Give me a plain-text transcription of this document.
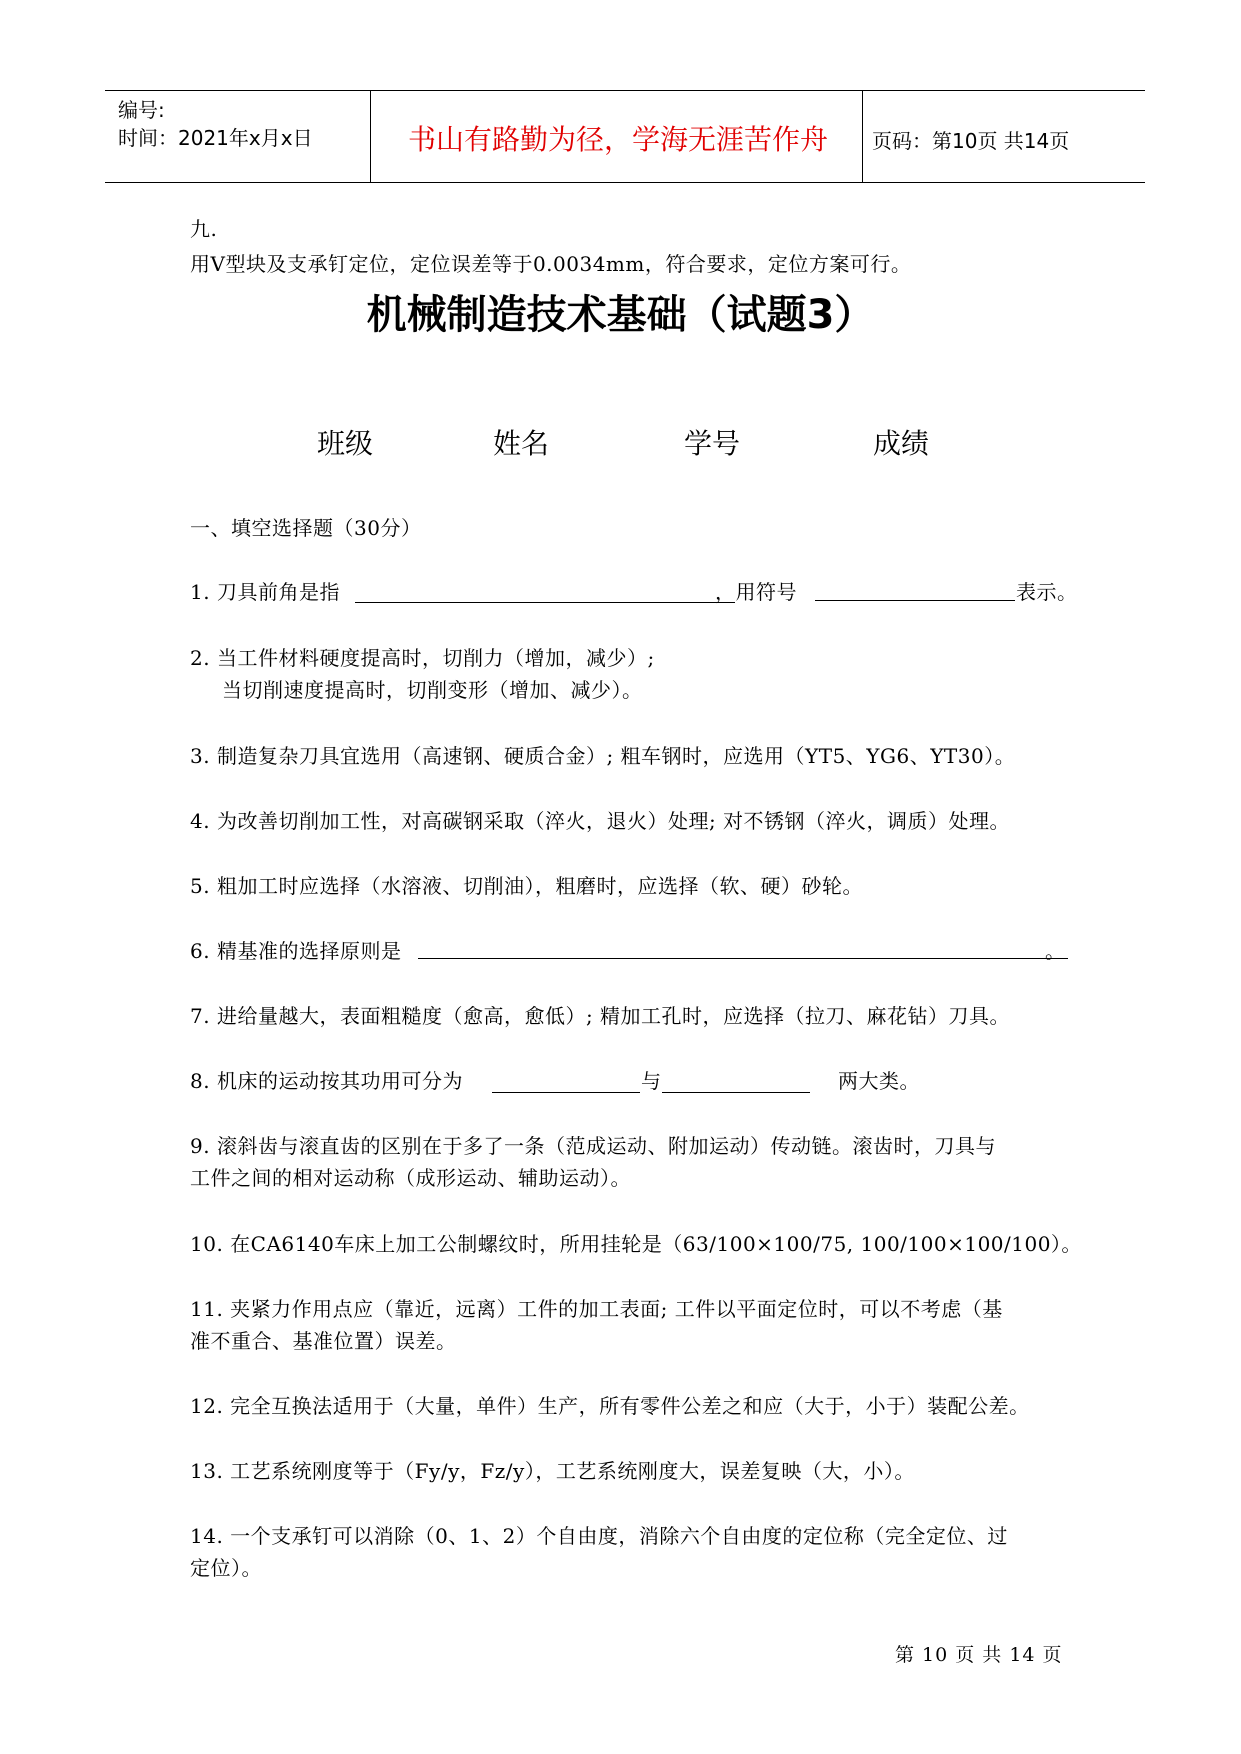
编号:
时间：2021年x月x日	书山有路勤为径，学海无涯苦作舟	页码：第10页 共14页
九.
用V型块及支承钉定位，定位误差等于0.0034mm，符合要求，定位方案可行。
机械制造技术基础（试题3）
班级	姓名	学号	成绩
一、填空选择题（30分）
1. 刀具前角是指	，用符号	表示。
2. 当工件材料硬度提高时，切削力（增加，减少）;
当切削速度提高时，切削变形（增加、减少）。
3. 制造复杂刀具宜选用（高速钢、硬质合金）; 粗车钢时，应选用（YT5、YG6、YT30）。
4. 为改善切削加工性，对高碳钢采取（淬火，退火）处理; 对不锈钢（淬火，调质）处理。
5. 粗加工时应选择（水溶液、切削油），粗磨时，应选择（软、硬）砂轮。
6. 精基准的选择原则是	。
7. 进给量越大，表面粗糙度（愈高，愈低）; 精加工孔时，应选择（拉刀、麻花钻）刀具。
8. 机床的运动按其功用可分为	与	两大类。
9. 滚斜齿与滚直齿的区别在于多了一条（范成运动、附加运动）传动链。滚齿时，刀具与
工件之间的相对运动称（成形运动、辅助运动）。
10. 在CA6140车床上加工公制螺纹时，所用挂轮是（63/100×100/75, 100/100×100/100）。
11. 夹紧力作用点应（靠近，远离）工件的加工表面; 工件以平面定位时，可以不考虑（基
准不重合、基准位置）误差。
12. 完全互换法适用于（大量，单件）生产，所有零件公差之和应（大于，小于）装配公差。
13. 工艺系统刚度等于（Fy/y，Fz/y），工艺系统刚度大，误差复映（大，小）。
14. 一个支承钉可以消除（0、1、2）个自由度，消除六个自由度的定位称（完全定位、过
定位）。
第 10 页 共 14 页
